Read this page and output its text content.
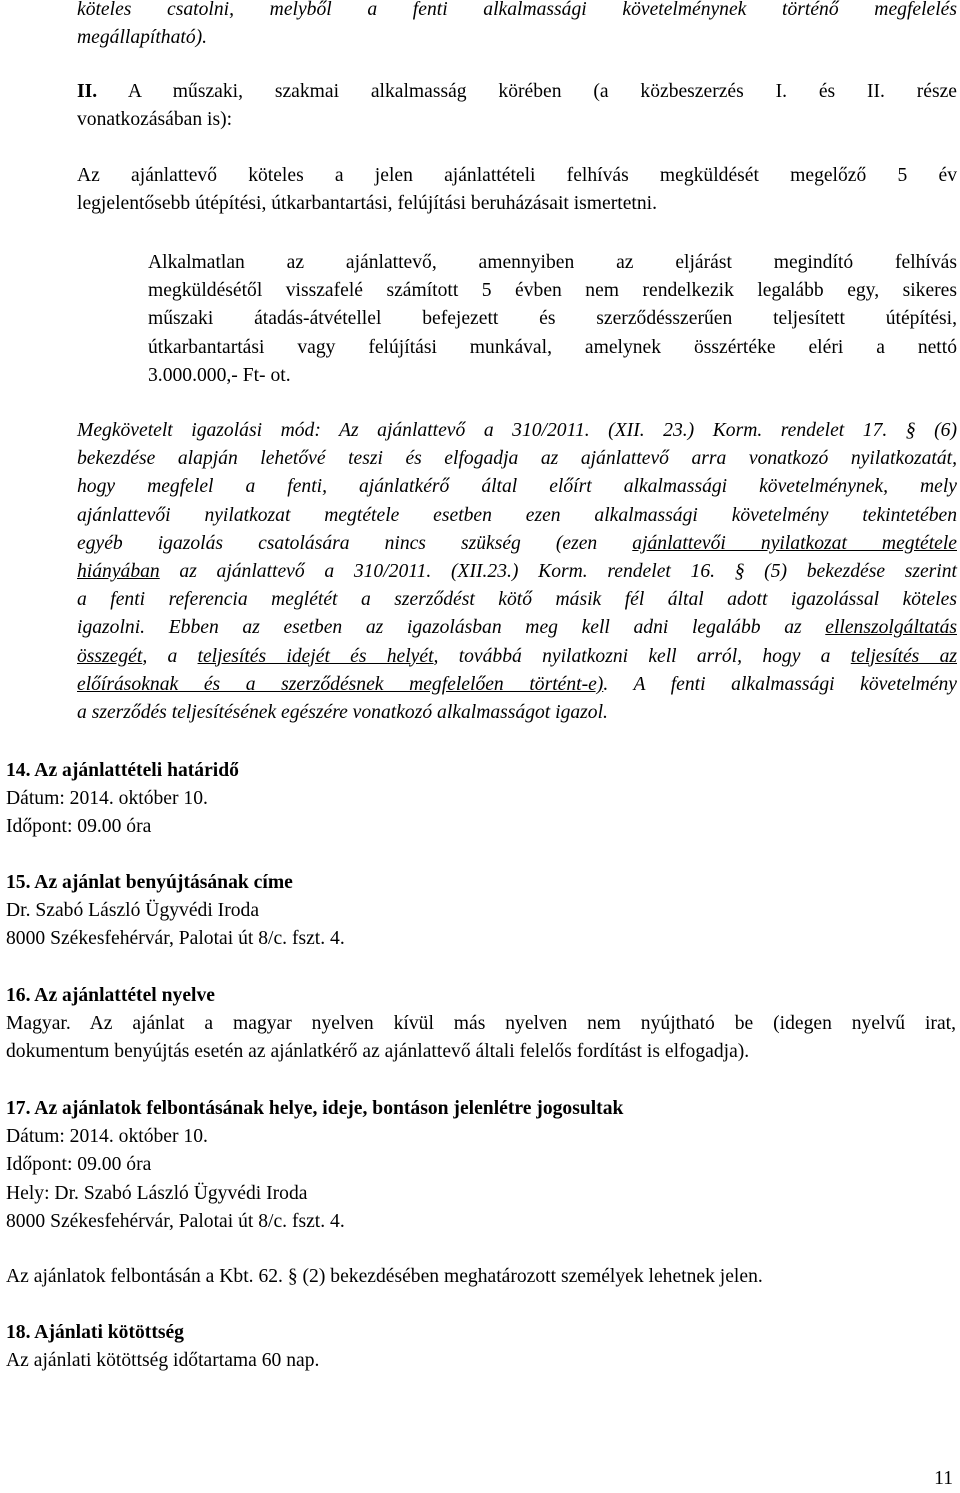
köteles csatolni, melyből a fenti alkalmassági követelménynek történő megfelelés
megállapítható).
II. A műszaki, szakmai alkalmasság körében (a közbeszerzés I. és II. része
vonatkozásában is):
Az ajánlattevő köteles a jelen ajánlattételi felhívás megküldését megelőző 5 év
legjelentősebb útépítési, útkarbantartási, felújítási beruházásait ismertetni.
Alkalmatlan az ajánlattevő, amennyiben az eljárást megindító felhívás
megküldésétől visszafelé számított 5 évben nem rendelkezik legalább egy, sikeres
műszaki átadás-átvétellel befejezett és szerződésszerűen teljesített útépítési,
útkarbantartási vagy felújítási munkával, amelynek összértéke eléri a nettó
3.000.000,- Ft- ot.
Megkövetelt igazolási mód: Az ajánlattevő a 310/2011. (XII. 23.) Korm. rendelet 17. § (6)
bekezdése alapján lehetővé teszi és elfogadja az ajánlattevő arra vonatkozó nyilatkozatát,
hogy megfelel a fenti, ajánlatkérő által előírt alkalmassági követelménynek, mely
ajánlattevői nyilatkozat megtétele esetben ezen alkalmassági követelmény tekintetében
egyéb igazolás csatolására nincs szükség (ezen ajánlattevői nyilatkozat megtétele
hiányában az ajánlattevő a 310/2011. (XII.23.) Korm. rendelet 16. § (5) bekezdése szerint
a fenti referencia meglétét a szerződést kötő másik fél által adott igazolással köteles
igazolni. Ebben az esetben az igazolásban meg kell adni legalább az ellenszolgáltatás
összegét, a teljesítés idejét és helyét, továbbá nyilatkozni kell arról, hogy a teljesítés az
előírásoknak és a szerződésnek megfelelően történt-e). A fenti alkalmassági követelmény
a szerződés teljesítésének egészére vonatkozó alkalmasságot igazol.
14. Az ajánlattételi határidő
Dátum: 2014. október 10.
Időpont: 09.00 óra
15. Az ajánlat benyújtásának címe
Dr. Szabó László Ügyvédi Iroda
8000 Székesfehérvár, Palotai út 8/c. fszt. 4.
16. Az ajánlattétel nyelve
Magyar. Az ajánlat a magyar nyelven kívül más nyelven nem nyújtható be (idegen nyelvű irat,
dokumentum benyújtás esetén az ajánlatkérő az ajánlattevő általi felelős fordítást is elfogadja).
17. Az ajánlatok felbontásának helye, ideje, bontáson jelenlétre jogosultak
Dátum: 2014. október 10.
Időpont: 09.00 óra
Hely: Dr. Szabó László Ügyvédi Iroda
8000 Székesfehérvár, Palotai út 8/c. fszt. 4.
Az ajánlatok felbontásán a Kbt. 62. § (2) bekezdésében meghatározott személyek lehetnek jelen.
18. Ajánlati kötöttség
Az ajánlati kötöttség időtartama 60 nap.
11
